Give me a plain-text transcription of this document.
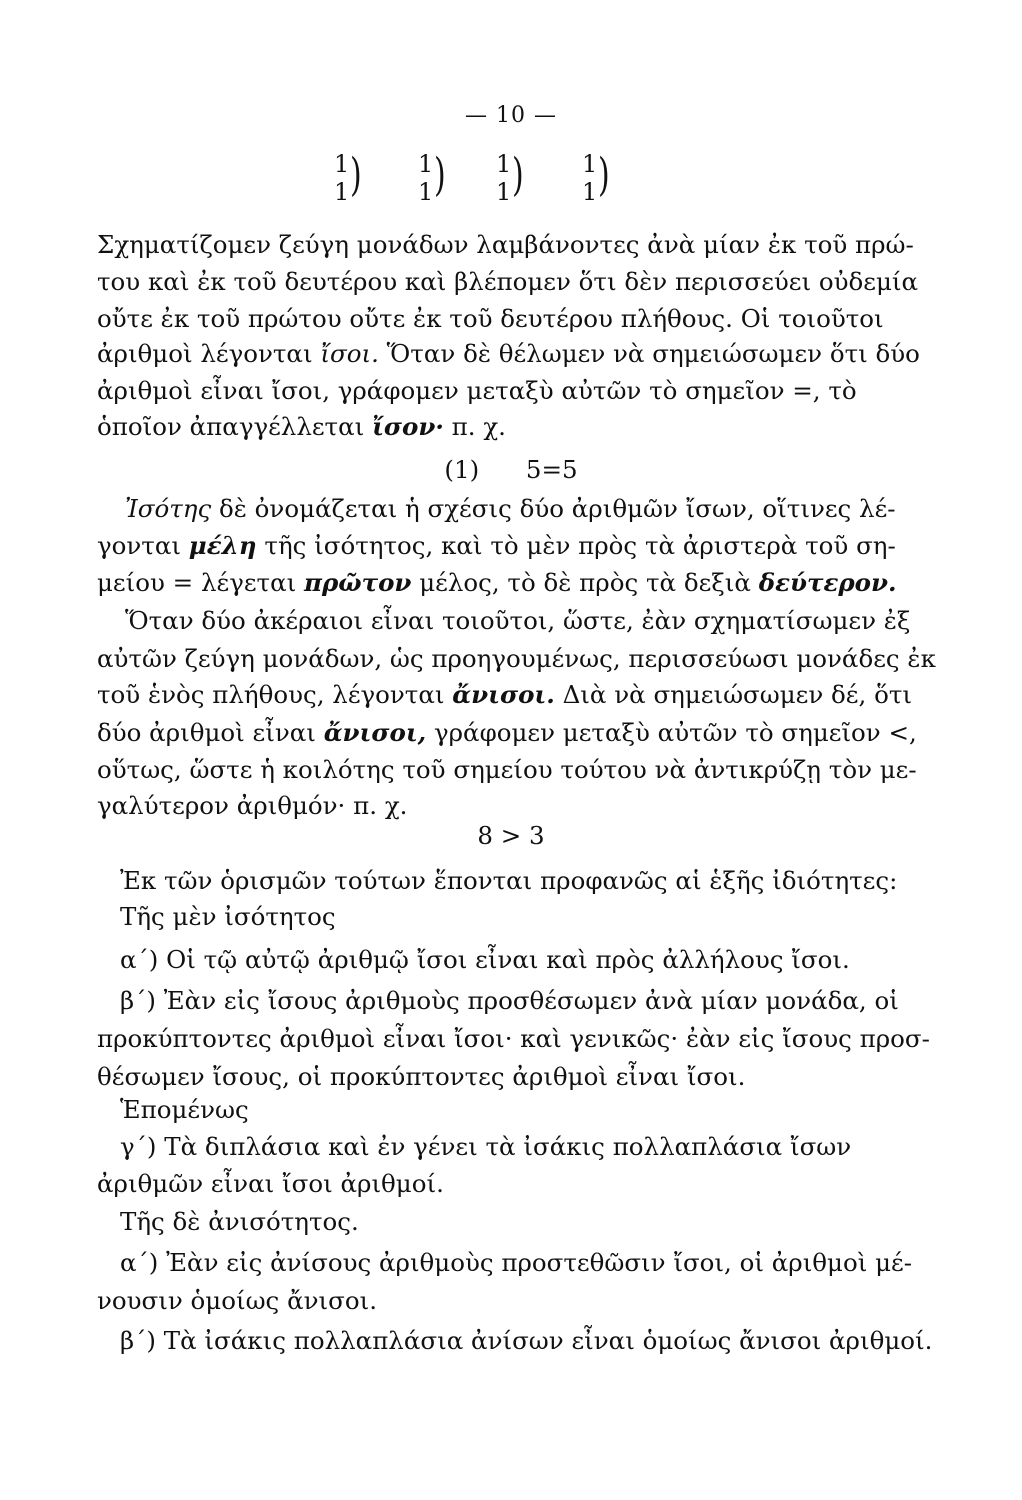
— 10 —
1
1 ) 1
1 ) 1
1 ) 1
1 )
Σχηματίζομεν ζεύγη μονάδων λαμβάνοντες ἀνὰ μίαν ἐκ τοῦ πρώ-
του καὶ ἐκ τοῦ δευτέρου καὶ βλέπομεν ὅτι δὲν περισσεύει οὐδεμία
οὔτε ἐκ τοῦ πρώτου οὔτε ἐκ τοῦ δευτέρου πλήθους. Οἱ τοιοῦτοι
ἀριθμοὶ λέγονται ἴσοι. Ὅταν δὲ θέλωμεν νὰ σημειώσωμεν ὅτι δύο
ἀριθμοὶ εἶναι ἴσοι, γράφομεν μεταξὺ αὐτῶν τὸ σημεῖον =, τὸ
ὁποῖον ἀπαγγέλλεται ἴσον· π. χ.
(1)      5=5
Ἰσότης δὲ ὀνομάζεται ἡ σχέσις δύο ἀριθμῶν ἴσων, οἵτινες λέ-
γονται μέλη τῆς ἰσότητος, καὶ τὸ μὲν πρὸς τὰ ἀριστερὰ τοῦ ση-
μείου = λέγεται πρῶτον μέλος, τὸ δὲ πρὸς τὰ δεξιὰ δεύτερον.
Ὅταν δύο ἀκέραιοι εἶναι τοιοῦτοι, ὥστε, ἐὰν σχηματίσωμεν ἐξ
αὐτῶν ζεύγη μονάδων, ὡς προηγουμένως, περισσεύωσι μονάδες ἐκ
τοῦ ἑνὸς πλήθους, λέγονται ἄνισοι. Διὰ νὰ σημειώσωμεν δέ, ὅτι
δύο ἀριθμοὶ εἶναι ἄνισοι, γράφομεν μεταξὺ αὐτῶν τὸ σημεῖον <,
οὕτως, ὥστε ἡ κοιλότης τοῦ σημείου τούτου νὰ ἀντικρύζῃ τὸν με-
γαλύτερον ἀριθμόν· π. χ.
8 > 3
Ἐκ τῶν ὁρισμῶν τούτων ἕπονται προφανῶς αἱ ἑξῆς ἰδιότητες:
Τῆς μὲν ἰσότητος
α΄) Οἱ τῷ αὐτῷ ἀριθμῷ ἴσοι εἶναι καὶ πρὸς ἀλλήλους ἴσοι.
β΄) Ἐὰν εἰς ἴσους ἀριθμοὺς προσθέσωμεν ἀνὰ μίαν μονάδα, οἱ
προκύπτοντες ἀριθμοὶ εἶναι ἴσοι· καὶ γενικῶς· ἐὰν εἰς ἴσους προσ-
θέσωμεν ἴσους, οἱ προκύπτοντες ἀριθμοὶ εἶναι ἴσοι.
Ἑπομένως
γ΄) Τὰ διπλάσια καὶ ἐν γένει τὰ ἰσάκις πολλαπλάσια ἴσων
ἀριθμῶν εἶναι ἴσοι ἀριθμοί.
Τῆς δὲ ἀνισότητος.
α΄) Ἐὰν εἰς ἀνίσους ἀριθμοὺς προστεθῶσιν ἴσοι, οἱ ἀριθμοὶ μέ-
νουσιν ὁμοίως ἄνισοι.
β΄) Τὰ ἰσάκις πολλαπλάσια ἀνίσων εἶναι ὁμοίως ἄνισοι ἀριθμοί.
